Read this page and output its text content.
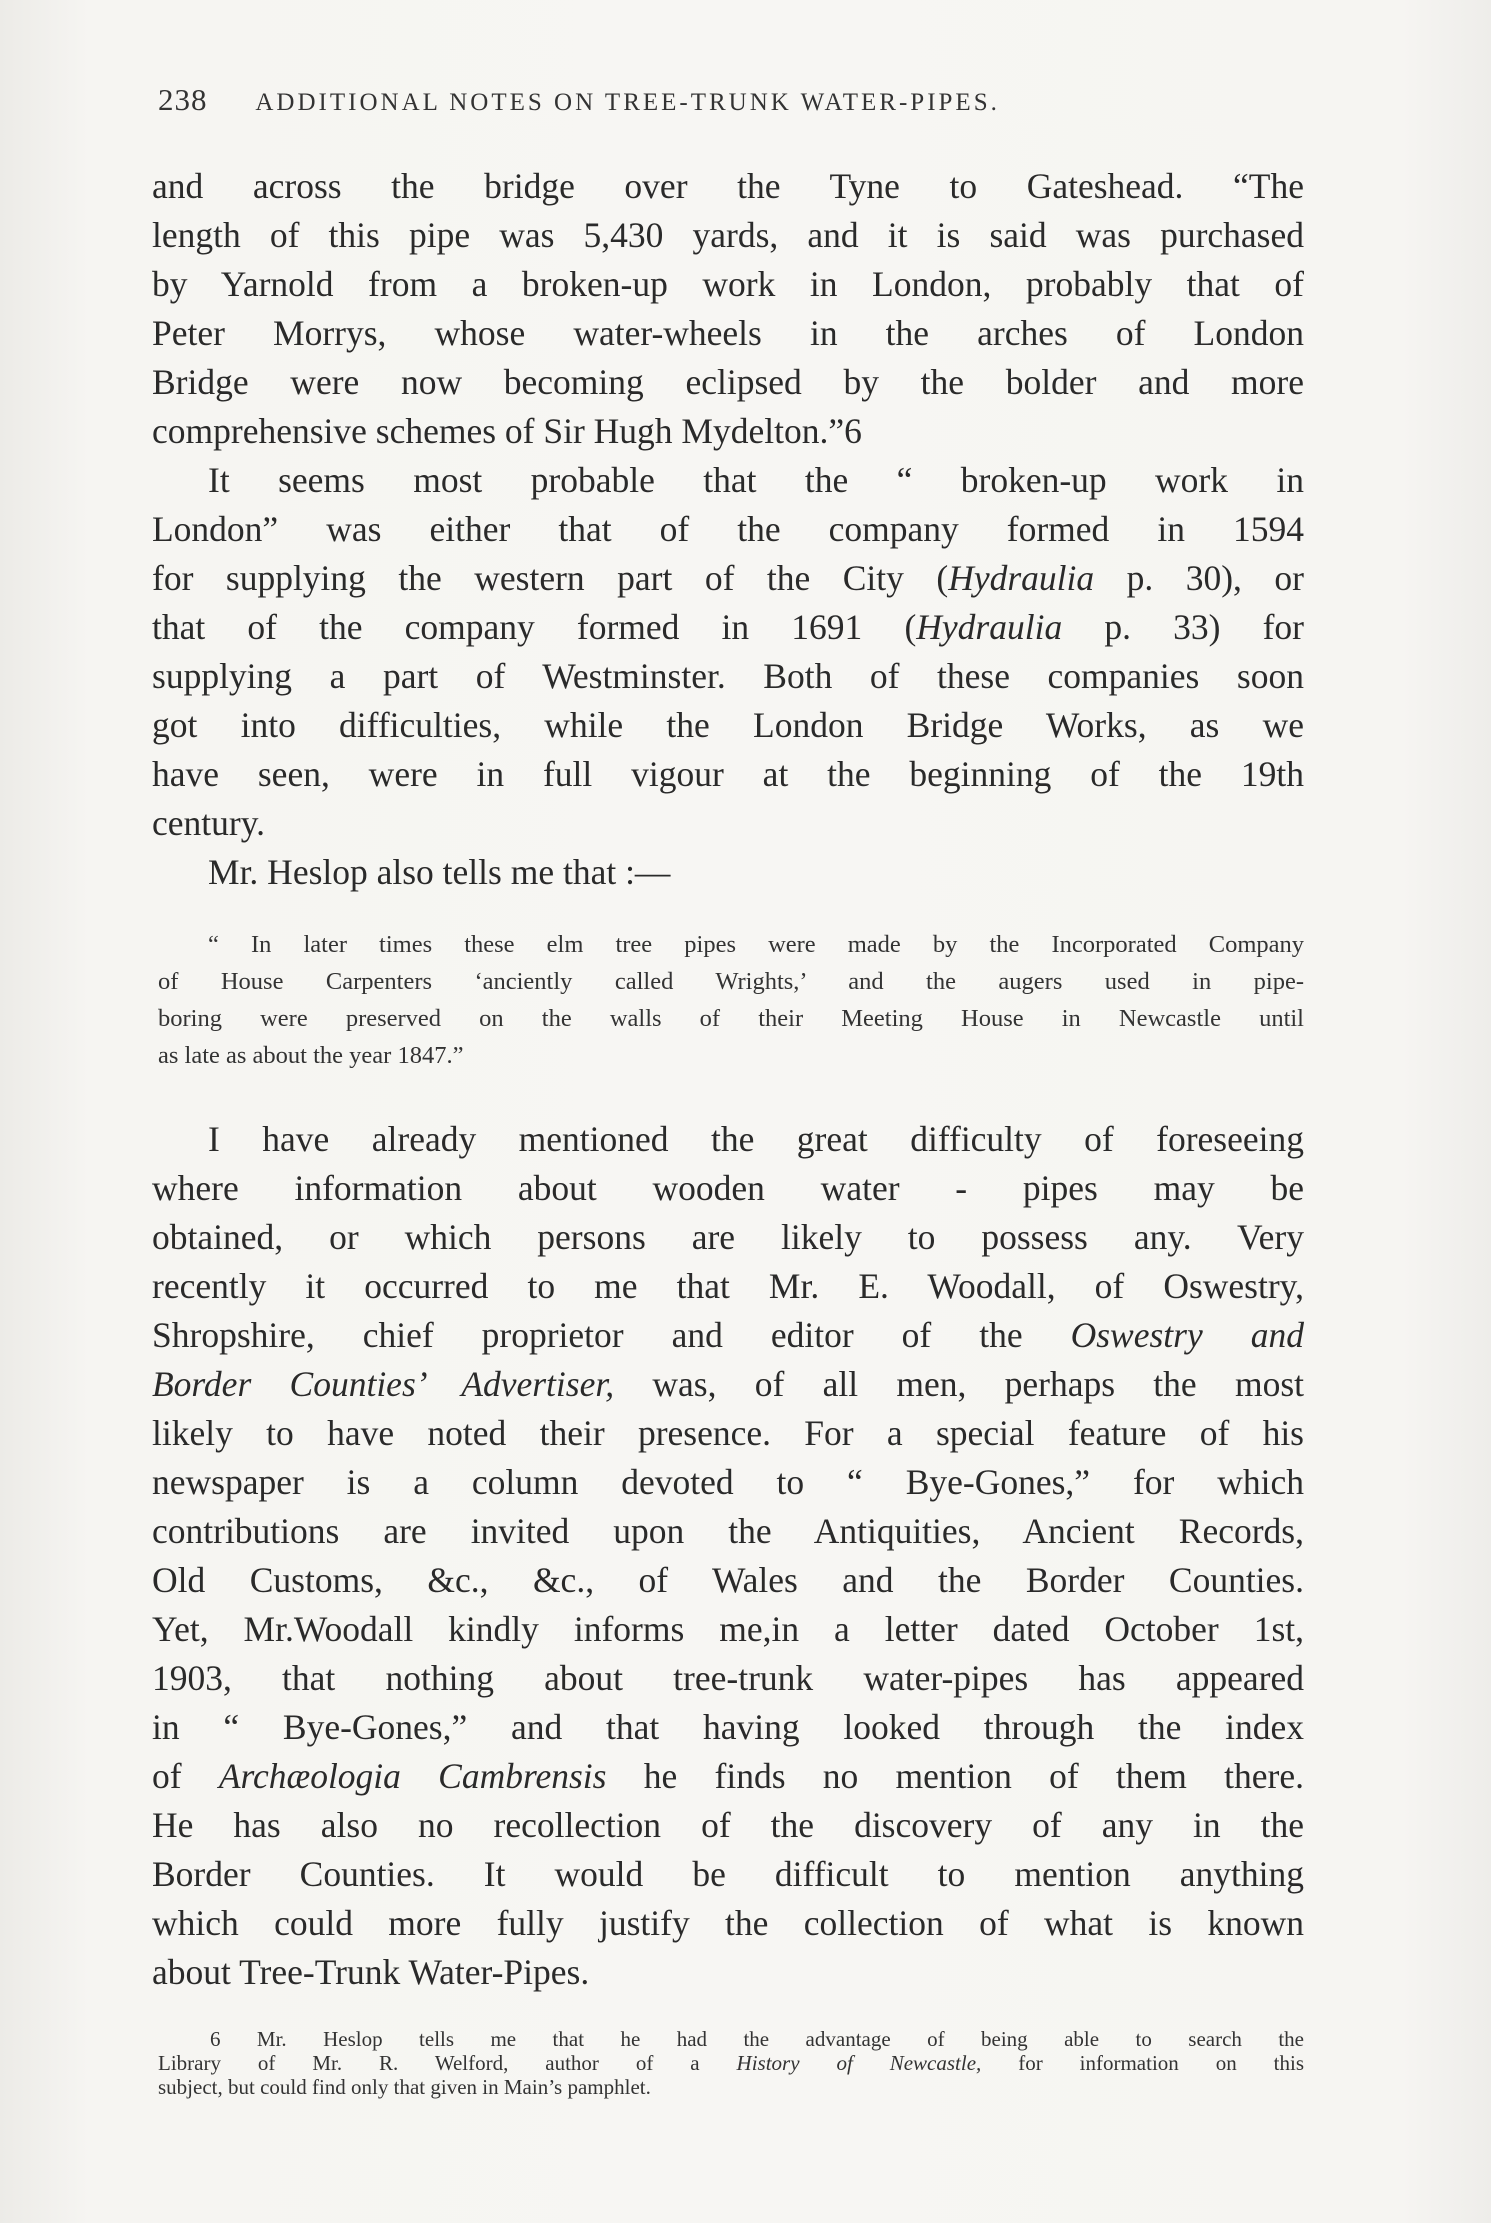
238 ADDITIONAL NOTES ON TREE-TRUNK WATER-PIPES.
and across the bridge over the Tyne to Gateshead. “The
length of this pipe was 5,430 yards, and it is said was purchased
by Yarnold from a broken-up work in London, probably that of
Peter Morrys, whose water-wheels in the arches of London
Bridge were now becoming eclipsed by the bolder and more
comprehensive schemes of Sir Hugh Mydelton.”6
It seems most probable that the “ broken-up work in
London” was either that of the company formed in 1594
for supplying the western part of the City (Hydraulia p. 30), or
that of the company formed in 1691 (Hydraulia p. 33) for
supplying a part of Westminster. Both of these companies soon
got into difficulties, while the London Bridge Works, as we
have seen, were in full vigour at the beginning of the 19th
century.
Mr. Heslop also tells me that :—
“ In later times these elm tree pipes were made by the Incorporated Company
of House Carpenters ‘anciently called Wrights,’ and the augers used in pipe-
boring were preserved on the walls of their Meeting House in Newcastle until
as late as about the year 1847.”
I have already mentioned the great difficulty of foreseeing
where information about wooden water - pipes may be
obtained, or which persons are likely to possess any. Very
recently it occurred to me that Mr. E. Woodall, of Oswestry,
Shropshire, chief proprietor and editor of the Oswestry and
Border Counties’ Advertiser, was, of all men, perhaps the most
likely to have noted their presence. For a special feature of his
newspaper is a column devoted to “ Bye-Gones,” for which
contributions are invited upon the Antiquities, Ancient Records,
Old Customs, &c., &c., of Wales and the Border Counties.
Yet, Mr.Woodall kindly informs me,in a letter dated October 1st,
1903, that nothing about tree-trunk water-pipes has appeared
in “ Bye-Gones,” and that having looked through the index
of Archæologia Cambrensis he finds no mention of them there.
He has also no recollection of the discovery of any in the
Border Counties. It would be difficult to mention anything
which could more fully justify the collection of what is known
about Tree-Trunk Water-Pipes.
6 Mr. Heslop tells me that he had the advantage of being able to search the
Library of Mr. R. Welford, author of a History of Newcastle, for information on this
subject, but could find only that given in Main’s pamphlet.
